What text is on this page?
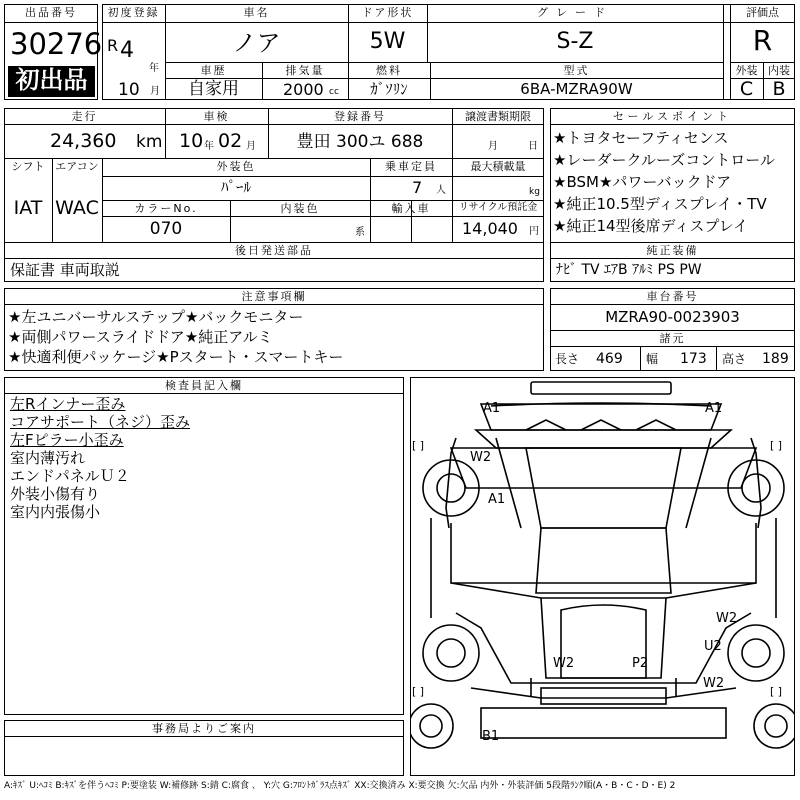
出品番号
30276
初出品
初度登録
R 4
年
10 月
車名
ノア
ドア形状
5W
グレード
S-Z
評価点
R
車歴
自家用
排気量
2000 cc
燃料
ｶﾞｿﾘﾝ
型式
6BA-MZRA90W
外装 内装
C	B
走行
24,360 km
車検
10 年 02 月
登録番号
豊田 300ユ 688
譲渡書類期限
月	日
シフト
IAT
エアコン
WAC
外装色
ﾊﾟｰﾙ
乗車定員
7 人
最大積載量
kg
カラーNo.
070
内装色
系
輸入車	リサイクル預託金
14,040 円
後日発送部品
保証書 車両取説
セールスポイント
★トヨタセーフティセンス
★レーダークルーズコントロール
★BSM★パワーバックドア
★純正10.5型ディスプレイ・TV
★純正14型後席ディスプレイ
純正装備
ﾅﾋﾞ TV ｴｱB ｱﾙﾐ PS PW
注意事項欄
★左ユニバーサルステップ★バックモニター
★両側パワースライドドア★純正アルミ
★快適利便パッケージ★Pスタート・スマートキー
車台番号
MZRA90-0023903
諸元
長さ 469 幅 173 高さ 189
検査員記入欄
左Rインナー歪み
コアサポート（ネジ）歪み
左Fピラー小歪み
室内薄汚れ
エンドパネルＵ２
外装小傷有り
室内内張傷小
事務局よりご案内
A1	A1
[ ]	[ ]
W2
A1
W2
U2
W2	P2
W2
B1
[ ]	[ ]
A:ｷｽﾞ U:ﾍｺﾐ B:ｷｽﾞを伴うﾍｺﾐ P:要塗装 W:補修跡 S:錆 C:腐食 、 Y:穴 G:ﾌﾛﾝﾄｶﾞﾗｽ点ｷｽﾞ XX:交換済み X:要交換 欠:欠品 内外・外装評価 5段階ﾗﾝｸ順(A・B・C・D・E) 2
